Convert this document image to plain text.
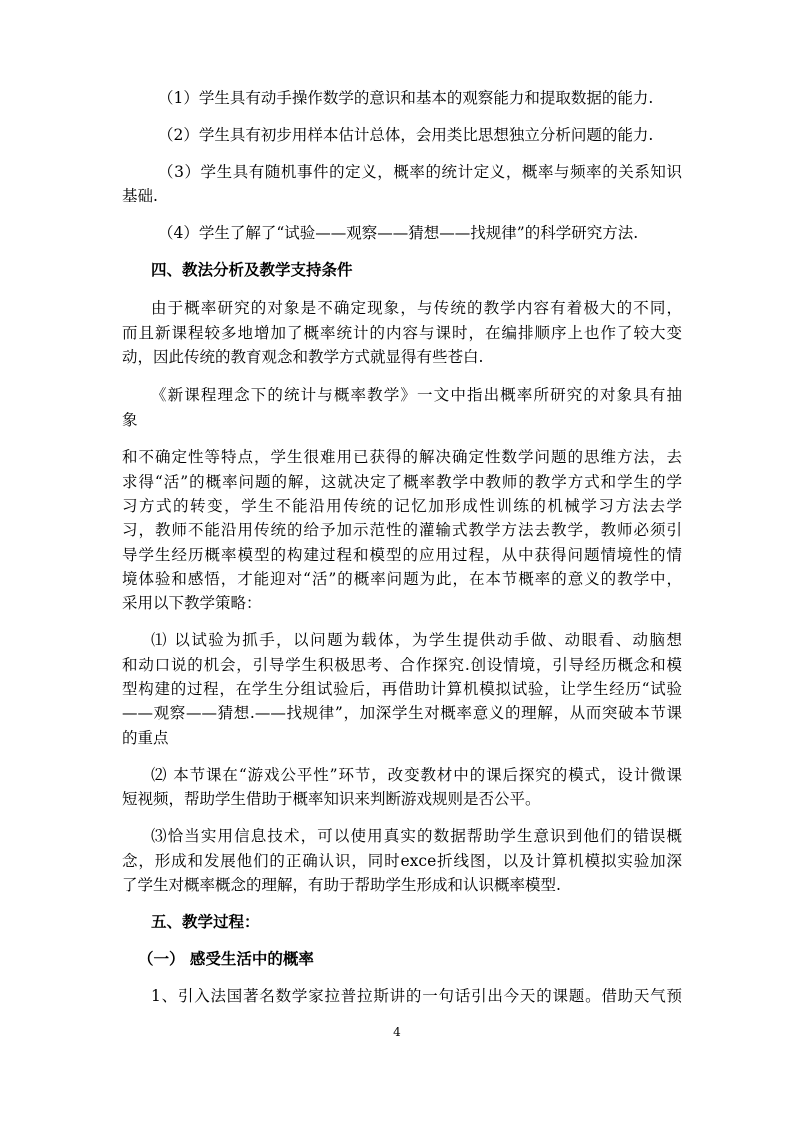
（1）学生具有动手操作数学的意识和基本的观察能力和提取数据的能力.
（2）学生具有初步用样本估计总体，会用类比思想独立分析问题的能力.
（3）学生具有随机事件的定义，概率的统计定义，概率与频率的关系知识
基础.
（4）学生了解了“试验——观察——猜想——找规律”的科学研究方法.
四、教法分析及教学支持条件
由于概率研究的对象是不确定现象，与传统的教学内容有着极大的不同，
而且新课程较多地增加了概率统计的内容与课时，在编排顺序上也作了较大变
动，因此传统的教育观念和教学方式就显得有些苍白.
《新课程理念下的统计与概率教学》一文中指出概率所研究的对象具有抽
象
和不确定性等特点，学生很难用已获得的解决确定性数学问题的思维方法，去
求得“活”的概率问题的解，这就决定了概率教学中教师的教学方式和学生的学
习方式的转变，学生不能沿用传统的记忆加形成性训练的机械学习方法去学
习，教师不能沿用传统的给予加示范性的灌输式教学方法去教学，教师必须引
导学生经历概率模型的构建过程和模型的应用过程，从中获得问题情境性的情
境体验和感悟，才能迎对“活”的概率问题为此，在本节概率的意义的教学中，
采用以下教学策略：
⑴ 以试验为抓手，以问题为载体，为学生提供动手做、动眼看、动脑想
和动口说的机会，引导学生积极思考、合作探究.创设情境，引导经历概念和模
型构建的过程，在学生分组试验后，再借助计算机模拟试验，让学生经历“试验
——观察——猜想.——找规律”，加深学生对概率意义的理解，从而突破本节课
的重点
⑵ 本节课在“游戏公平性”环节，改变教材中的课后探究的模式，设计微课
短视频，帮助学生借助于概率知识来判断游戏规则是否公平。
⑶恰当实用信息技术，可以使用真实的数据帮助学生意识到他们的错误概
念，形成和发展他们的正确认识，同时exce折线图，以及计算机模拟实验加深
了学生对概率概念的理解，有助于帮助学生形成和认识概率模型.
五、教学过程：
（一） 感受生活中的概率
1、引入法国著名数学家拉普拉斯讲的一句话引出今天的课题。借助天气预
4
